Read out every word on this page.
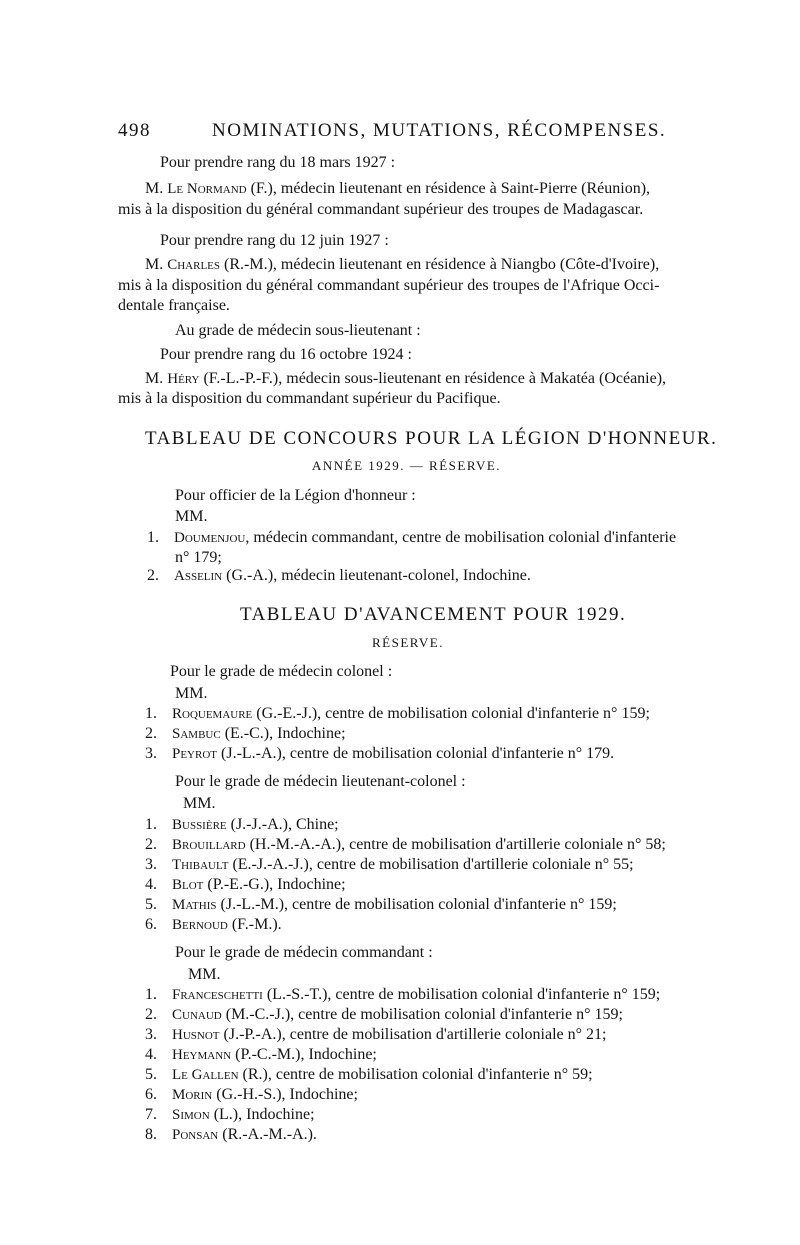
498	NOMINATIONS, MUTATIONS, RÉCOMPENSES.
Pour prendre rang du 18 mars 1927 :
M. Le Normand (F.), médecin lieutenant en résidence à Saint-Pierre (Réunion),
mis à la disposition du général commandant supérieur des troupes de Madagascar.
Pour prendre rang du 12 juin 1927 :
M. Charles (R.-M.), médecin lieutenant en résidence à Niangbo (Côte-d'Ivoire),
mis à la disposition du général commandant supérieur des troupes de l'Afrique Occi-
dentale française.
Au grade de médecin sous-lieutenant :
Pour prendre rang du 16 octobre 1924 :
M. Héry (F.-L.-P.-F.), médecin sous-lieutenant en résidence à Makatéa (Océanie),
mis à la disposition du commandant supérieur du Pacifique.
TABLEAU DE CONCOURS POUR LA LÉGION D'HONNEUR.
ANNÉE 1929. — RÉSERVE.
Pour officier de la Légion d'honneur :
MM.
1. Doumenjou, médecin commandant, centre de mobilisation colonial d'infanterie
n° 179;
2. Asselin (G.-A.), médecin lieutenant-colonel, Indochine.
TABLEAU D'AVANCEMENT POUR 1929.
RÉSERVE.
Pour le grade de médecin colonel :
MM.
1. Roquemaure (G.-E.-J.), centre de mobilisation colonial d'infanterie n° 159;
2. Sambuc (E.-C.), Indochine;
3. Peyrot (J.-L.-A.), centre de mobilisation colonial d'infanterie n° 179.
Pour le grade de médecin lieutenant-colonel :
MM.
1. Bussière (J.-J.-A.), Chine;
2. Brouillard (H.-M.-A.-A.), centre de mobilisation d'artillerie coloniale n° 58;
3. Thibault (E.-J.-A.-J.), centre de mobilisation d'artillerie coloniale n° 55;
4. Blot (P.-E.-G.), Indochine;
5. Mathis (J.-L.-M.), centre de mobilisation colonial d'infanterie n° 159;
6. Bernoud (F.-M.).
Pour le grade de médecin commandant :
MM.
1. Franceschetti (L.-S.-T.), centre de mobilisation colonial d'infanterie n° 159;
2. Cunaud (M.-C.-J.), centre de mobilisation colonial d'infanterie n° 159;
3. Husnot (J.-P.-A.), centre de mobilisation d'artillerie coloniale n° 21;
4. Heymann (P.-C.-M.), Indochine;
5. Le Gallen (R.), centre de mobilisation colonial d'infanterie n° 59;
6. Morin (G.-H.-S.), Indochine;
7. Simon (L.), Indochine;
8. Ponsan (R.-A.-M.-A.).
